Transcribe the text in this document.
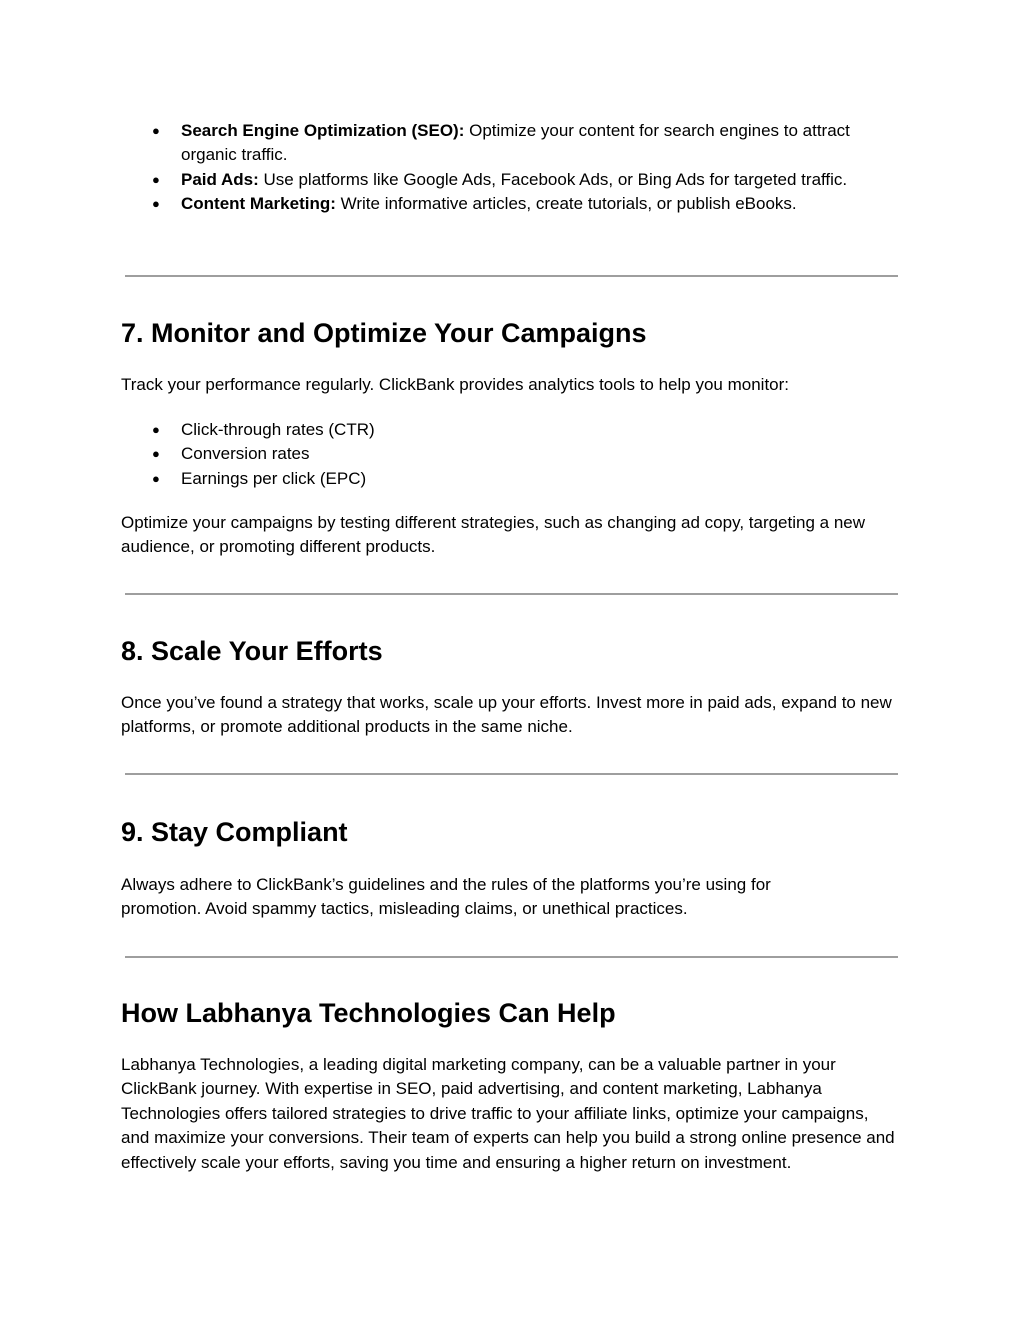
● Search Engine Optimization (SEO): Optimize your content for search engines to attract organic traffic.
● Paid Ads: Use platforms like Google Ads, Facebook Ads, or Bing Ads for targeted traffic.
● Content Marketing: Write informative articles, create tutorials, or publish eBooks.
7. Monitor and Optimize Your Campaigns

Track your performance regularly. ClickBank provides analytics tools to help you monitor:

● Click-through rates (CTR)
● Conversion rates
● Earnings per click (EPC)

Optimize your campaigns by testing different strategies, such as changing ad copy, targeting a new audience, or promoting different products.

8. Scale Your Efforts

Once you’ve found a strategy that works, scale up your efforts. Invest more in paid ads, expand to new platforms, or promote additional products in the same niche.

9. Stay Compliant

Always adhere to ClickBank’s guidelines and the rules of the platforms you’re using for promotion. Avoid spammy tactics, misleading claims, or unethical practices.

How Labhanya Technologies Can Help

Labhanya Technologies, a leading digital marketing company, can be a valuable partner in your ClickBank journey. With expertise in SEO, paid advertising, and content marketing, Labhanya Technologies offers tailored strategies to drive traffic to your affiliate links, optimize your campaigns, and maximize your conversions. Their team of experts can help you build a strong online presence and effectively scale your efforts, saving you time and ensuring a higher return on investment.
